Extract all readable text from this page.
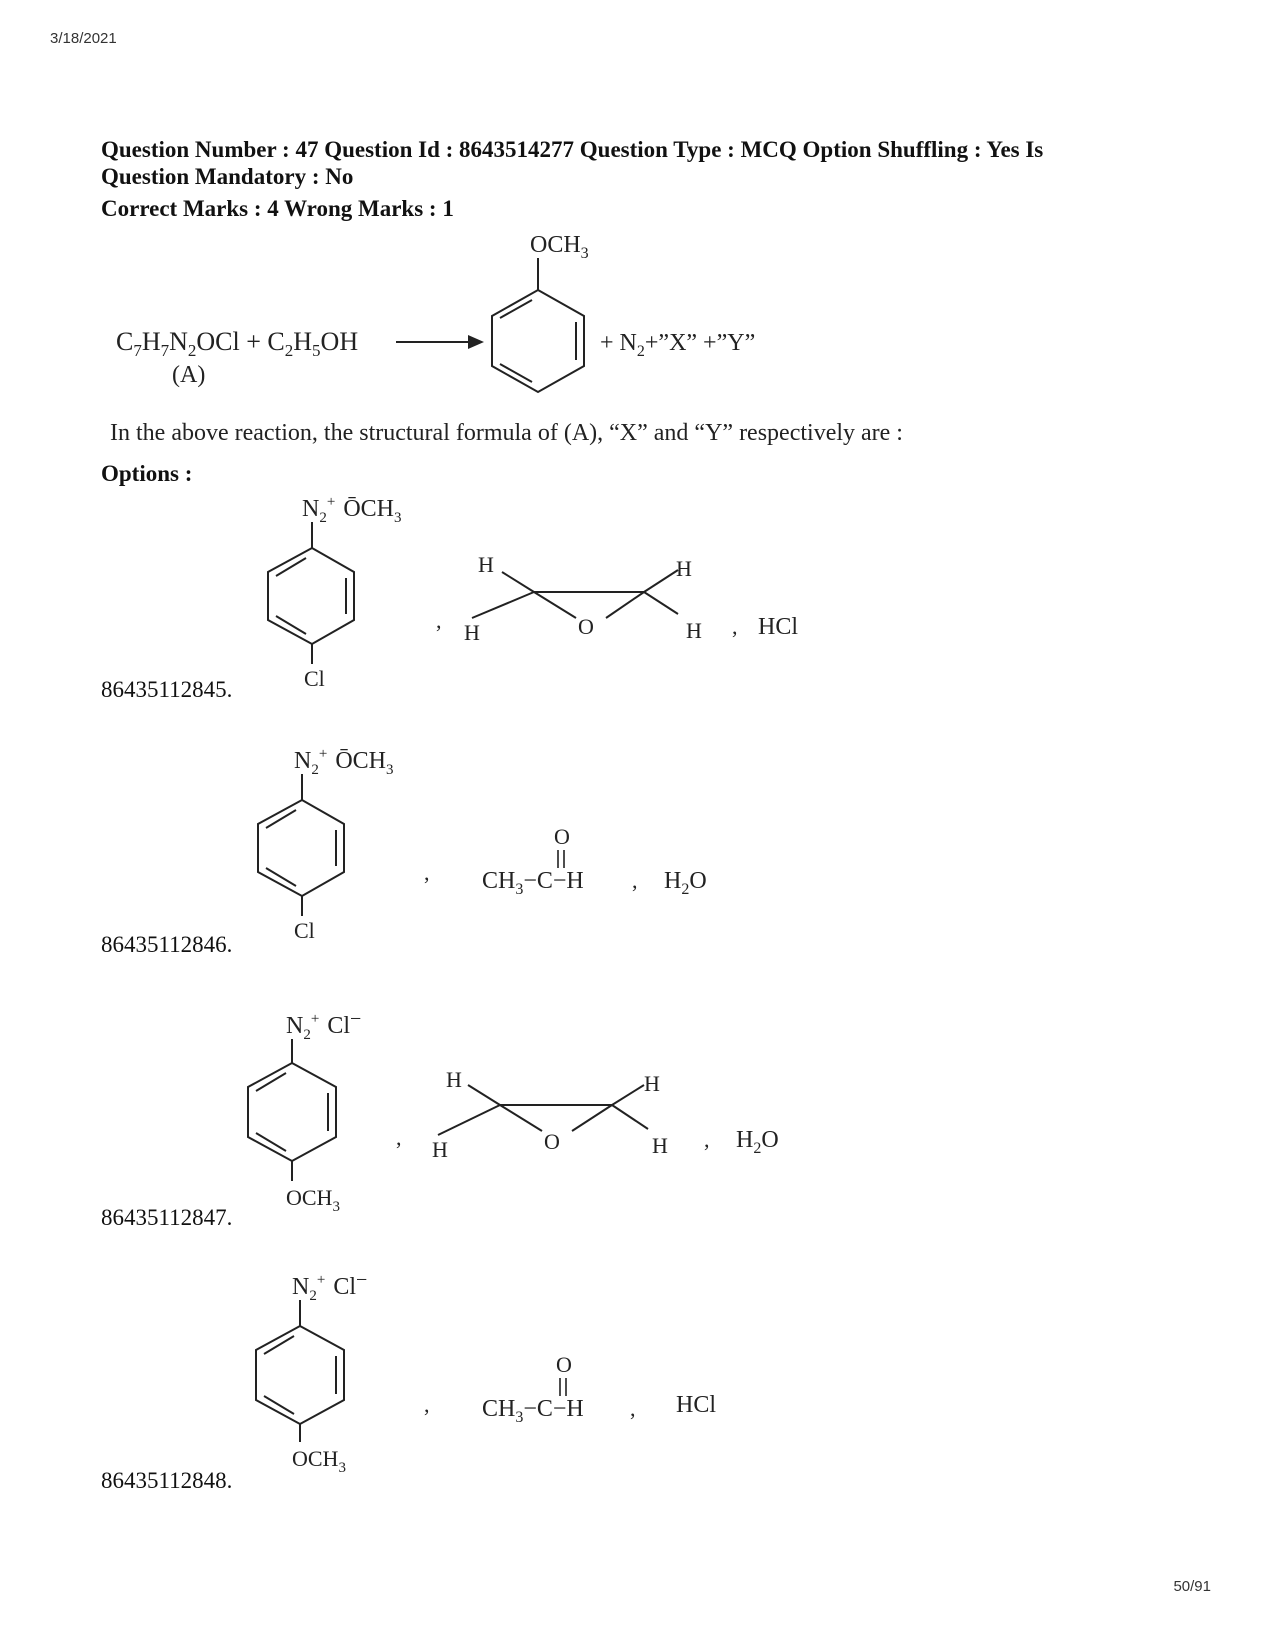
3/18/2021
Question Number : 47 Question Id : 8643514277 Question Type : MCQ Option Shuffling : Yes Is
Question Mandatory : No
Correct Marks : 4 Wrong Marks : 1
$C_7H_7N_2OCl + C_2H_5OH$
(A)
$OCH_3$
+ $N_2+”X$” +”Y”
In the above reaction, the structural formula of (A), “X” and “Y” respectively are :
Options :
86435112845.
$N_2^+$ $ŌCH_3$
Cl
,
H
H	O
H
H , HCl
86435112846.
$N_2^+$ $ŌCH_3$
Cl
,
O
$CH_3-C-H$ , $H_2O$
86435112847.
$N_2^+$ Cl−
$OCH_3$
,
H
H	O
H
H , $H_2O$
86435112848.
$N_2^+$ Cl−
$OCH_3$
,
O
$CH_3-C-H$ , HCl
50/91
